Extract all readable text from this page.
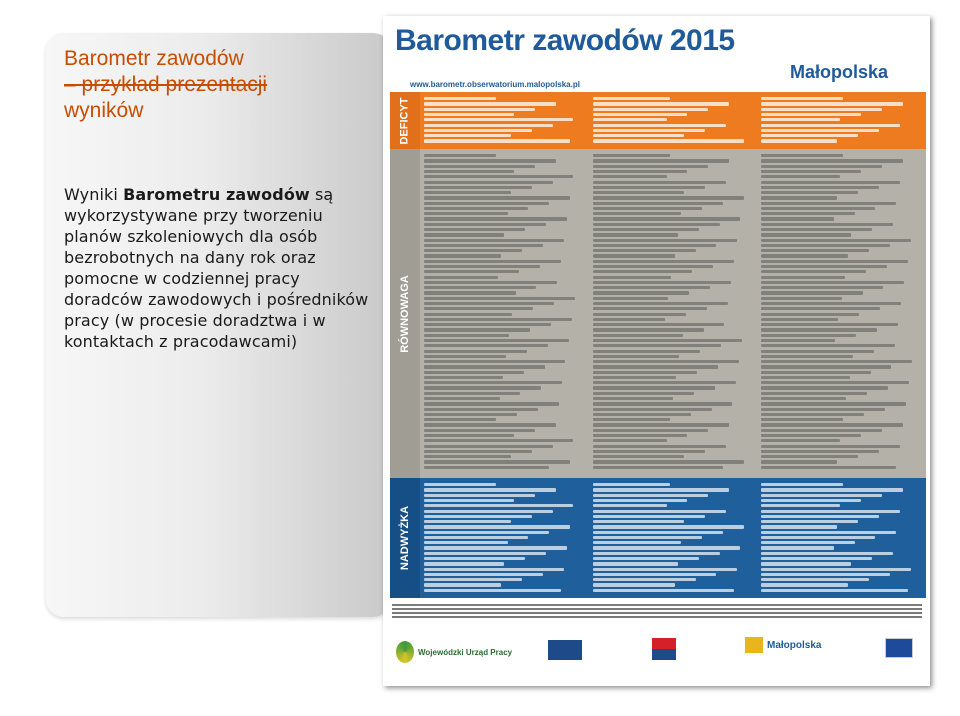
Barometr zawodów
– przykład prezentacji
wyników

Wyniki Barometru zawodów są wykorzystywane przy tworzeniu planów szkoleniowych dla osób bezrobotnych na dany rok oraz pomocne w codziennej pracy doradców zawodowych i pośredników pracy (w procesie doradztwa i w kontaktach z pracodawcami)

Barometr zawodów 2015
Małopolska
www.barometr.obserwatorium.malopolska.pl
DEFICYT
RÓWNOWAGA
NADWYŻKA
Wojewódzki Urząd Pracy
Małopolska
